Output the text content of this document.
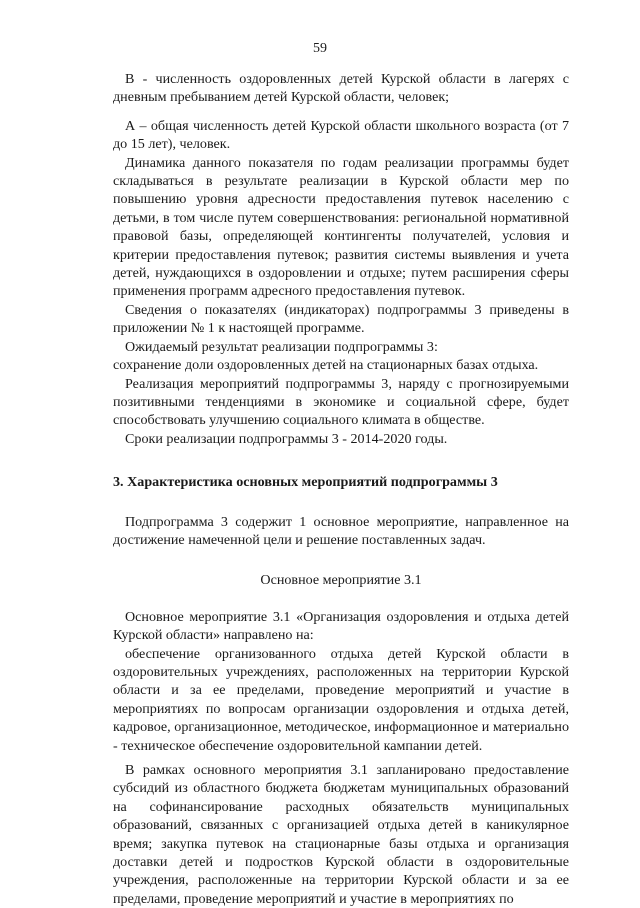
59

В - численность оздоровленных детей Курской области в лагерях с дневным пребыванием детей Курской области, человек;

А – общая численность детей Курской области школьного возраста (от 7 до 15 лет), человек.

Динамика данного показателя по годам реализации программы будет складываться в результате реализации в Курской области мер по повышению уровня адресности предоставления путевок населению с детьми, в том числе путем совершенствования: региональной нормативной правовой базы, определяющей контингенты получателей, условия и критерии предоставления путевок; развития системы выявления и учета детей, нуждающихся в оздоровлении и отдыхе; путем расширения сферы применения программ адресного предоставления путевок.

Сведения о показателях (индикаторах) подпрограммы 3 приведены в приложении № 1 к настоящей программе.

Ожидаемый результат реализации подпрограммы 3:

сохранение доли оздоровленных детей на стационарных базах отдыха.

Реализация мероприятий подпрограммы 3, наряду с прогнозируемыми позитивными тенденциями в экономике и социальной сфере, будет способствовать улучшению социального климата в обществе.

Сроки реализации подпрограммы 3 - 2014-2020 годы.

3. Характеристика основных мероприятий подпрограммы 3

Подпрограмма 3 содержит 1 основное мероприятие, направленное на достижение намеченной цели и решение поставленных задач.

Основное мероприятие 3.1

Основное мероприятие 3.1 «Организация оздоровления и отдыха детей Курской области» направлено на:

обеспечение организованного отдыха детей Курской области в оздоровительных учреждениях, расположенных на территории Курской области и за ее пределами, проведение мероприятий и участие в мероприятиях по вопросам организации оздоровления и отдыха детей, кадровое, организационное, методическое, информационное и материально - техническое обеспечение оздоровительной кампании детей.

В рамках основного мероприятия 3.1 запланировано предоставление субсидий из областного бюджета бюджетам муниципальных образований на софинансирование расходных обязательств муниципальных образований, связанных с организацией отдыха детей в каникулярное время; закупка путевок на стационарные базы отдыха и организация доставки детей и подростков Курской области в оздоровительные учреждения, расположенные на территории Курской области и за ее пределами, проведение мероприятий и участие в мероприятиях по
